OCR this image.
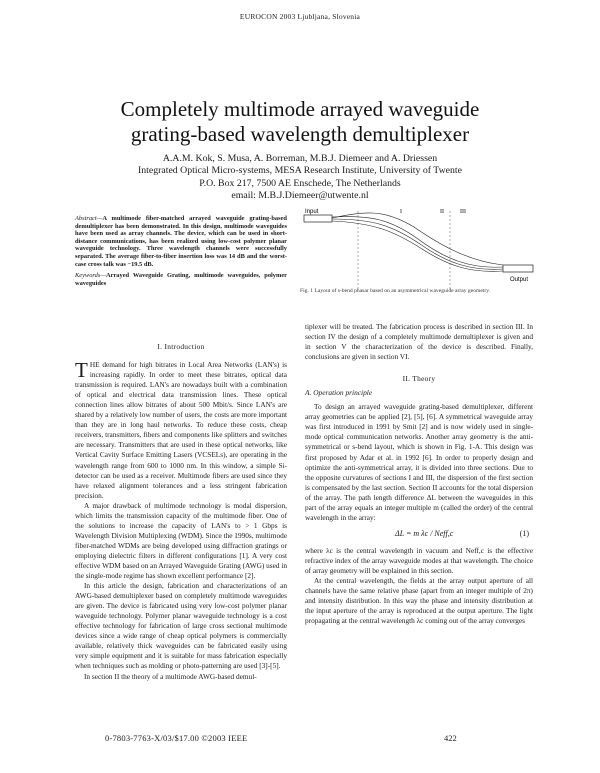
EUROCON 2003 Ljubljana, Slovenia
Completely multimode arrayed waveguide
grating-based wavelength demultiplexer
A.A.M. Kok, S. Musa, A. Borreman, M.B.J. Diemeer and A. Driessen
Integrated Optical Micro-systems, MESA Research Institute, University of Twente
P.O. Box 217, 7500 AE Enschede, The Netherlands
email: M.B.J.Diemeer@utwente.nl
Abstract—A multimode fiber-matched arrayed waveguide grating-based demultiplexer has been demonstrated. In this design, multimode waveguides have been used as array channels. The device, which can be used in short-distance communications, has been realized using low-cost polymer planar waveguide technology. Three wavelength channels were successfully separated. The average fiber-to-fiber insertion loss was 14 dB and the worst-case cross talk was −19.5 dB.
Keywords—Arrayed Waveguide Grating, multimode waveguides, polymer waveguides
Input
Output
I	II	III
Fig. 1 Layout of s-bend phasar based on an asymmetrical waveguide array geometry.
I. Introduction

THE demand for high bitrates in Local Area Networks (LAN's) is increasing rapidly. In order to meet these bitrates, optical data transmission is required. LAN's are nowadays built with a combination of optical and electrical data transmission lines. These optical connection lines allow bitrates of about 500 Mbit/s. Since LAN's are shared by a relatively low number of users, the costs are more important than they are in long haul networks. To reduce these costs, cheap receivers, transmitters, fibers and components like splitters and switches are necessary. Transmitters that are used in these optical networks, like Vertical Cavity Surface Emitting Lasers (VCSELs), are operating in the wavelength range from 600 to 1000 nm. In this window, a simple Si-detector can be used as a receiver. Multimode fibers are used since they have relaxed alignment tolerances and a less stringent fabrication precision.

A major drawback of multimode technology is modal dispersion, which limits the transmission capacity of the multimode fiber. One of the solutions to increase the capacity of LAN's to > 1 Gbps is Wavelength Division Multiplexing (WDM). Since the 1990s, multimode fiber-matched WDMs are being developed using diffraction gratings or employing dielectric filters in different configurations [1]. A very cost effective WDM based on an Arrayed Waveguide Grating (AWG) used in the single-mode regime has shown excellent performance [2].

In this article the design, fabrication and characterizations of an AWG-based demultiplexer based on completely multimode waveguides are given. The device is fabricated using very low-cost polymer planar waveguide technology. Polymer planar waveguide technology is a cost effective technology for fabrication of large cross sectional multimode devices since a wide range of cheap optical polymers is commercially available, relatively thick waveguides can be fabricated easily using very simple equipment and it is suitable for mass fabrication especially when techniques such as molding or photo-patterning are used [3]-[5].

In section II the theory of a multimode AWG-based demul-

tiplexer will be treated. The fabrication process is described in section III. In section IV the design of a completely multimode demultiplexer is given and in section V the characterization of the device is described. Finally, conclusions are given in section VI.

II. Theory
A. Operation principle

To design an arrayed waveguide grating-based demultiplexer, different array geometries can be applied [2], [5], [6]. A symmetrical waveguide array was first introduced in 1991 by Smit [2] and is now widely used in single-mode optical communication networks. Another array geometry is the anti-symmetrical or s-bend layout, which is shown in Fig. 1-A. This design was first proposed by Adar et al. in 1992 [6]. In order to properly design and optimize the anti-symmetrical array, it is divided into three sections. Due to the opposite curvatures of sections I and III, the dispersion of the first section is compensated by the last section. Section II accounts for the total dispersion of the array. The path length difference ΔL between the waveguides in this part of the array equals an integer multiple m (called the order) of the central wavelength in the array:

ΔL = m λc / Neff,c	(1)

where λc is the central wavelength in vacuum and Neff,c is the effective refractive index of the array waveguide modes at that wavelength. The choice of array geometry will be explained in this section.

At the central wavelength, the fields at the array output aperture of all channels have the same relative phase (apart from an integer multiple of 2π) and intensity distribution. In this way the phase and intensity distribution at the input aperture of the array is reproduced at the output aperture. The light propagating at the central wavelength λc coming out of the array converges

0-7803-7763-X/03/$17.00 ©2003 IEEE	422
